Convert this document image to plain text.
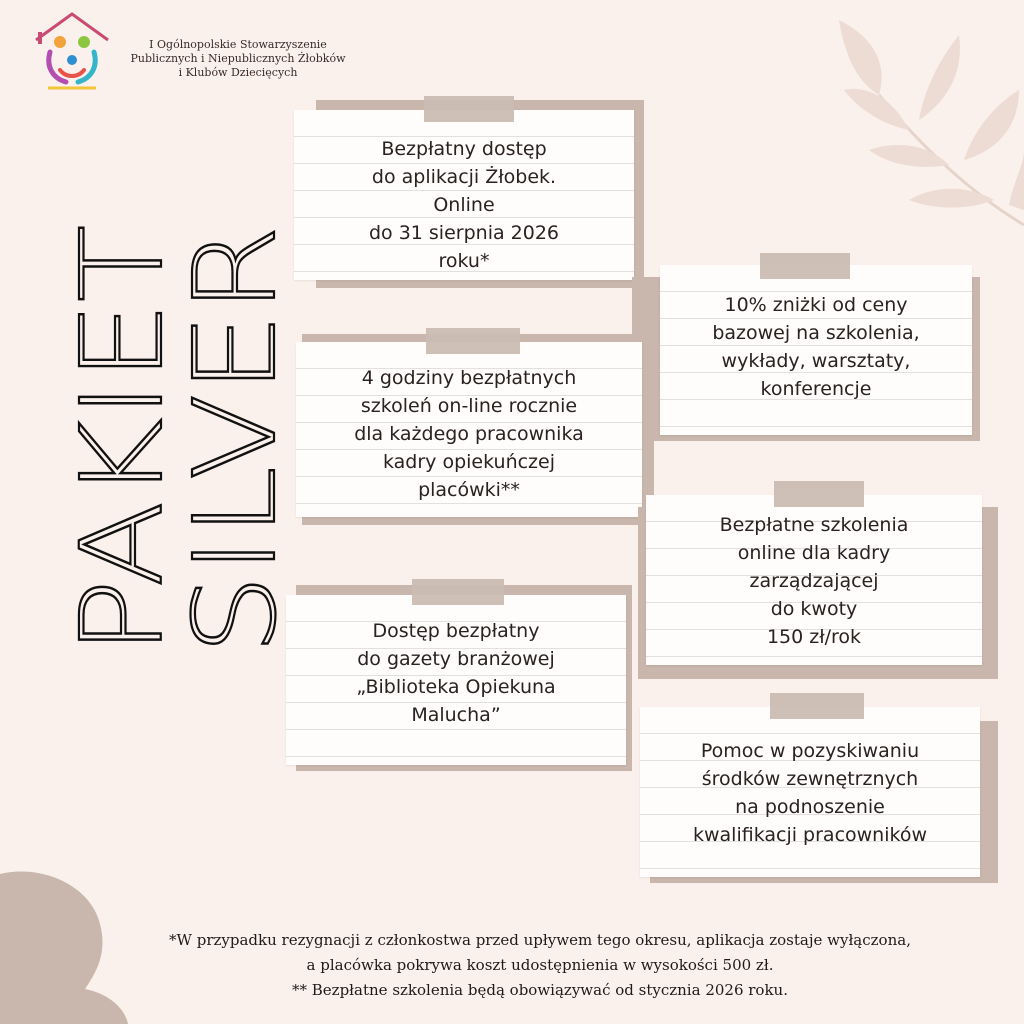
I Ogólnopolskie Stowarzyszenie
Publicznych i Niepublicznych Żłobków
i Klubów Dziecięcych
PAKIET
SILVER
Bezpłatny dostęp
do aplikacji Żłobek.
Online
do 31 sierpnia 2026
roku*
10% zniżki od ceny
bazowej na szkolenia,
wykłady, warsztaty,
konferencje
4 godziny bezpłatnych
szkoleń on-line rocznie
dla każdego pracownika
kadry opiekuńczej
placówki**
Bezpłatne szkolenia
online dla kadry
zarządzającej
do kwoty
150 zł/rok
Dostęp bezpłatny
do gazety branżowej
„Biblioteka Opiekuna
Malucha”
Pomoc w pozyskiwaniu
środków zewnętrznych
na podnoszenie
kwalifikacji pracowników
*W przypadku rezygnacji z członkostwa przed upływem tego okresu, aplikacja zostaje wyłączona,
a placówka pokrywa koszt udostępnienia w wysokości 500 zł.
** Bezpłatne szkolenia będą obowiązywać od stycznia 2026 roku.
